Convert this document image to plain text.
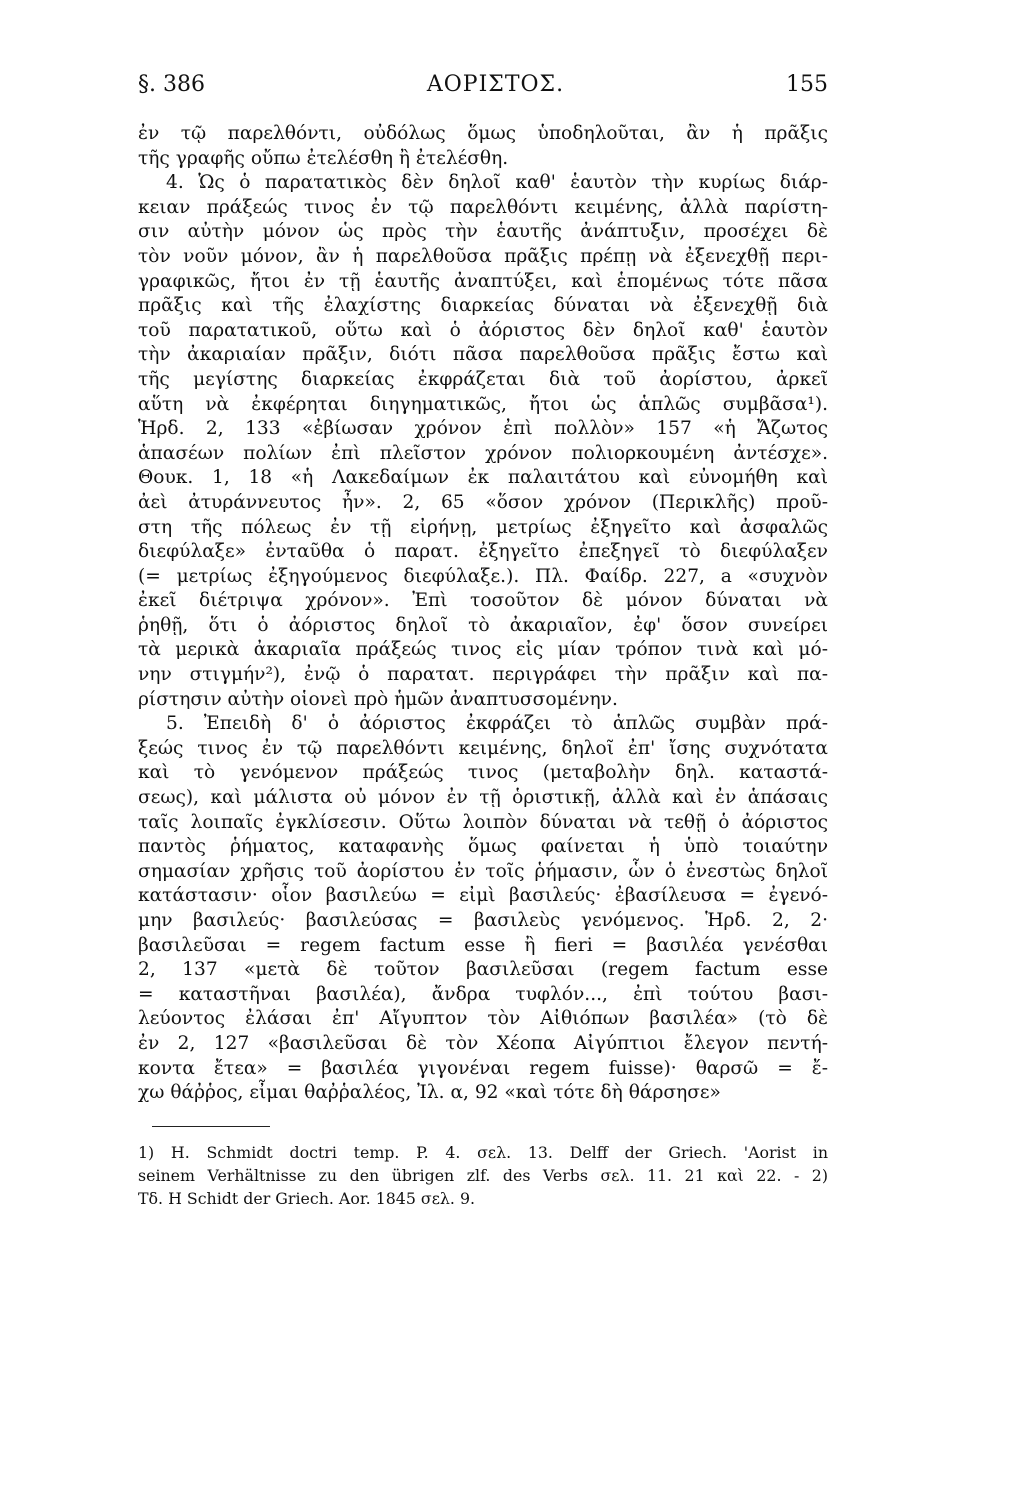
§. 386	ΑΟΡΙΣΤΟΣ.	155
ἐν τῷ παρελθόντι, οὐδόλως ὅμως ὑποδηλοῦται, ἂν ἡ πρᾶξις
τῆς γραφῆς οὔπω ἐτελέσθη ἢ ἐτελέσθη.
4. Ὡς ὁ παρατατικὸς δὲν δηλοῖ καθ' ἑαυτὸν τὴν κυρίως διάρ-
κειαν πράξεώς τινος ἐν τῷ παρελθόντι κειμένης, ἀλλὰ παρίστη-
σιν αὐτὴν μόνον ὡς πρὸς τὴν ἑαυτῆς ἀνάπτυξιν, προσέχει δὲ
τὸν νοῦν μόνον, ἂν ἡ παρελθοῦσα πρᾶξις πρέπῃ νὰ ἐξενεχθῇ περι-
γραφικῶς, ἤτοι ἐν τῇ ἑαυτῆς ἀναπτύξει, καὶ ἑπομένως τότε πᾶσα
πρᾶξις καὶ τῆς ἐλαχίστης διαρκείας δύναται νὰ ἐξενεχθῇ διὰ
τοῦ παρατατικοῦ, οὕτω καὶ ὁ ἀόριστος δὲν δηλοῖ καθ' ἑαυτὸν
τὴν ἀκαριαίαν πρᾶξιν, διότι πᾶσα παρελθοῦσα πρᾶξις ἔστω καὶ
τῆς μεγίστης διαρκείας ἐκφράζεται διὰ τοῦ ἀορίστου, ἀρκεῖ
αὕτη νὰ ἐκφέρηται διηγηματικῶς, ἤτοι ὡς ἁπλῶς συμβᾶσα¹).
Ἡρδ. 2, 133 «ἐβίωσαν χρόνον ἐπὶ πολλὸν» 157 «ἡ Ἄζωτος
ἁπασέων πολίων ἐπὶ πλεῖστον χρόνον πολιορκουμένη ἀντέσχε».
Θουκ. 1, 18 «ἡ Λακεδαίμων ἐκ παλαιτάτου καὶ εὐνομήθη καὶ
ἀεὶ ἀτυράννευτος ἦν». 2, 65 «ὅσον χρόνον (Περικλῆς) προῦ-
στη τῆς πόλεως ἐν τῇ εἰρήνῃ, μετρίως ἐξηγεῖτο καὶ ἀσφαλῶς
διεφύλαξε» ἐνταῦθα ὁ παρατ. ἐξηγεῖτο ἐπεξηγεῖ τὸ διεφύλαξεν
(= μετρίως ἐξηγούμενος διεφύλαξε.). Πλ. Φαίδρ. 227, a «συχνὸν
ἐκεῖ διέτριψα χρόνον». Ἐπὶ τοσοῦτον δὲ μόνον δύναται νὰ
ῥηθῇ, ὅτι ὁ ἀόριστος δηλοῖ τὸ ἀκαριαῖον, ἐφ' ὅσον συνείρει
τὰ μερικὰ ἀκαριαῖα πράξεώς τινος εἰς μίαν τρόπον τινὰ καὶ μό-
νην στιγμήν²), ἐνῷ ὁ παρατατ. περιγράφει τὴν πρᾶξιν καὶ πα-
ρίστησιν αὐτὴν οἱονεὶ πρὸ ἡμῶν ἀναπτυσσομένην.
5. Ἐπειδὴ δ' ὁ ἀόριστος ἐκφράζει τὸ ἁπλῶς συμβὰν πρά-
ξεώς τινος ἐν τῷ παρελθόντι κειμένης, δηλοῖ ἐπ' ἴσης συχνότατα
καὶ τὸ γενόμενον πράξεώς τινος (μεταβολὴν δηλ. καταστά-
σεως), καὶ μάλιστα οὐ μόνον ἐν τῇ ὁριστικῇ, ἀλλὰ καὶ ἐν ἁπάσαις
ταῖς λοιπαῖς ἐγκλίσεσιν. Οὕτω λοιπὸν δύναται νὰ τεθῇ ὁ ἀόριστος
παντὸς ῥήματος, καταφανὴς ὅμως φαίνεται ἡ ὑπὸ τοιαύτην
σημασίαν χρῆσις τοῦ ἀορίστου ἐν τοῖς ῥήμασιν, ὧν ὁ ἐνεστὼς δηλοῖ
κατάστασιν· οἷον βασιλεύω = εἰμὶ βασιλεύς· ἐβασίλευσα = ἐγενό-
μην βασιλεύς· βασιλεύσας = βασιλεὺς γενόμενος. Ἡρδ. 2, 2·
βασιλεῦσαι = regem factum esse ἢ fieri = βασιλέα γενέσθαι
2, 137 «μετὰ δὲ τοῦτον βασιλεῦσαι (regem factum esse
= καταστῆναι βασιλέα), ἄνδρα τυφλόν..., ἐπὶ τούτου βασι-
λεύοντος ἐλάσαι ἐπ' Αἴγυπτον τὸν Αἰθιόπων βασιλέα» (τὸ δὲ
ἐν 2, 127 «βασιλεῦσαι δὲ τὸν Χέοπα Αἰγύπτιοι ἔλεγον πεντή-
κοντα ἔτεα» = βασιλέα γιγονέναι regem fuisse)· θαρσῶ = ἔ-
χω θάῤῥος, εἶμαι θαῤῥαλέος, Ἰλ. α, 92 «καὶ τότε δὴ θάρσησε»
1) H. Schmidt doctri temp. P. 4. σελ. 13. Delff der Griech. 'Aorist in
seinem Verhältnisse zu den übrigen zlf. des Verbs σελ. 11. 21 καὶ 22. - 2)
Τδ. H Schidt der Griech. Aor. 1845 σελ. 9.
